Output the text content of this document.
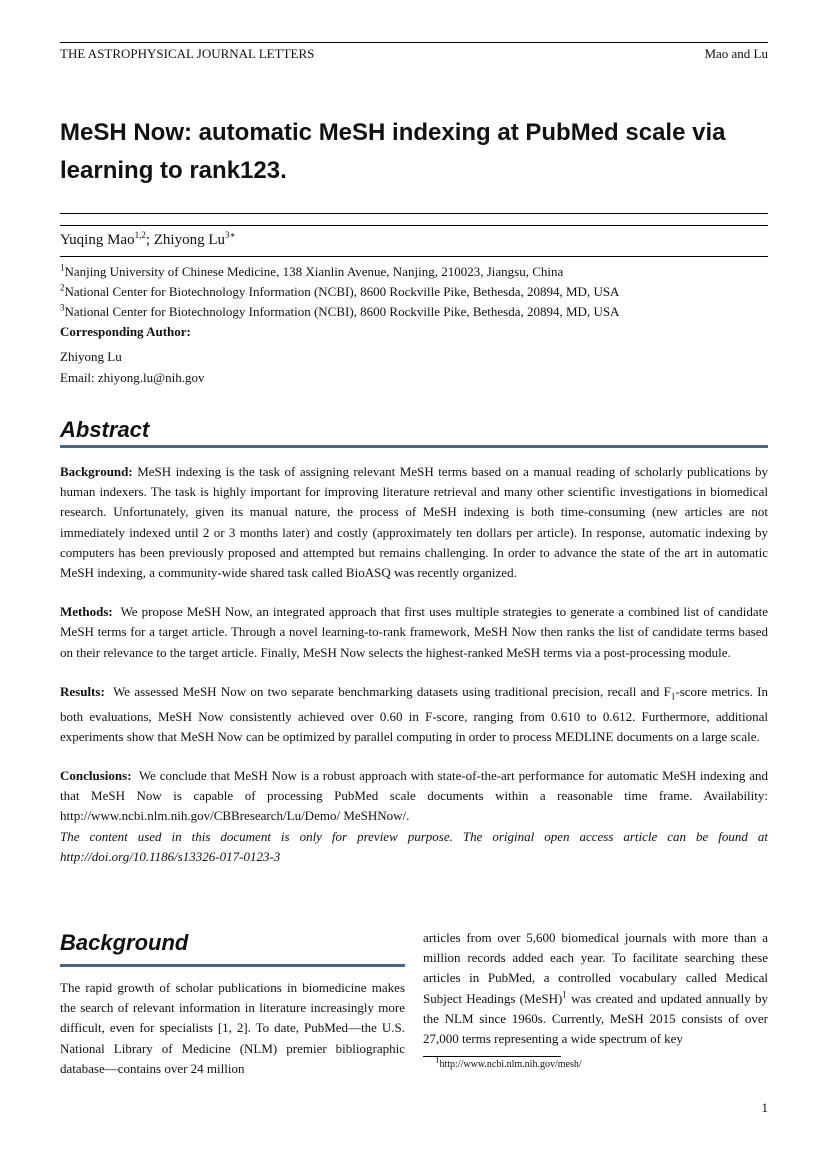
THE ASTROPHYSICAL JOURNAL LETTERS	Mao and Lu
MeSH Now: automatic MeSH indexing at PubMed scale via learning to rank123.
Yuqing Mao$^{1,2}$; Zhiyong $Lu^{3∗}$
$^1$Nanjing University of Chinese Medicine, 138 Xianlin Avenue, Nanjing, 210023, Jiangsu, China
$^2$National Center for Biotechnology Information (NCBI), 8600 Rockville Pike, Bethesda, 20894, MD, USA
$^3$National Center for Biotechnology Information (NCBI), 8600 Rockville Pike, Bethesda, 20894, MD, USA
Corresponding Author:
Zhiyong Lu
Email: zhiyong.lu@nih.gov
Abstract

Background: MeSH indexing is the task of assigning relevant MeSH terms based on a manual reading of scholarly publications by human indexers. The task is highly important for improving literature retrieval and many other scientific investigations in biomedical research. Unfortunately, given its manual nature, the process of MeSH indexing is both time-consuming (new articles are not immediately indexed until 2 or 3 months later) and costly (approximately ten dollars per article). In response, automatic indexing by computers has been previously proposed and attempted but remains challenging. In order to advance the state of the art in automatic MeSH indexing, a community-wide shared task called BioASQ was recently organized.

Methods: We propose MeSH Now, an integrated approach that first uses multiple strategies to generate a combined list of candidate MeSH terms for a target article. Through a novel learning-to-rank framework, MeSH Now then ranks the list of candidate terms based on their relevance to the target article. Finally, MeSH Now selects the highest-ranked MeSH terms via a post-processing module.

Results: We assessed MeSH Now on two separate benchmarking datasets using traditional precision, recall and $F_1$-score metrics. In both evaluations, MeSH Now consistently achieved over 0.60 in F-score, ranging from 0.610 to 0.612. Furthermore, additional experiments show that MeSH Now can be optimized by parallel computing in order to process MEDLINE documents on a large scale.

Conclusions: We conclude that MeSH Now is a robust approach with state-of-the-art performance for automatic MeSH indexing and that MeSH Now is capable of processing PubMed scale documents within a reasonable time frame. Availability: http://www.ncbi.nlm.nih.gov/CBBresearch/Lu/Demo/ MeSHNow/.

The content used in this document is only for preview purpose. The original open access article can be found at http://doi.org/10.1186/s13326-017-0123-3

Background
The rapid growth of scholar publications in biomedicine makes the search of relevant information in literature increasingly more difficult, even for specialists [1, 2]. To date, PubMed—the U.S. National Library of Medicine (NLM) premier bibliographic database—contains over 24 million
articles from over 5,600 biomedical journals with more than a million records added each year. To facilitate searching these articles in PubMed, a controlled vocabulary called Medical Subject Headings (MeSH)$^1$ was created and updated annually by the NLM since 1960s. Currently, MeSH 2015 consists of over 27,000 terms representing a wide spectrum of key
$^1$http://www.ncbi.nlm.nih.gov/mesh/
1
